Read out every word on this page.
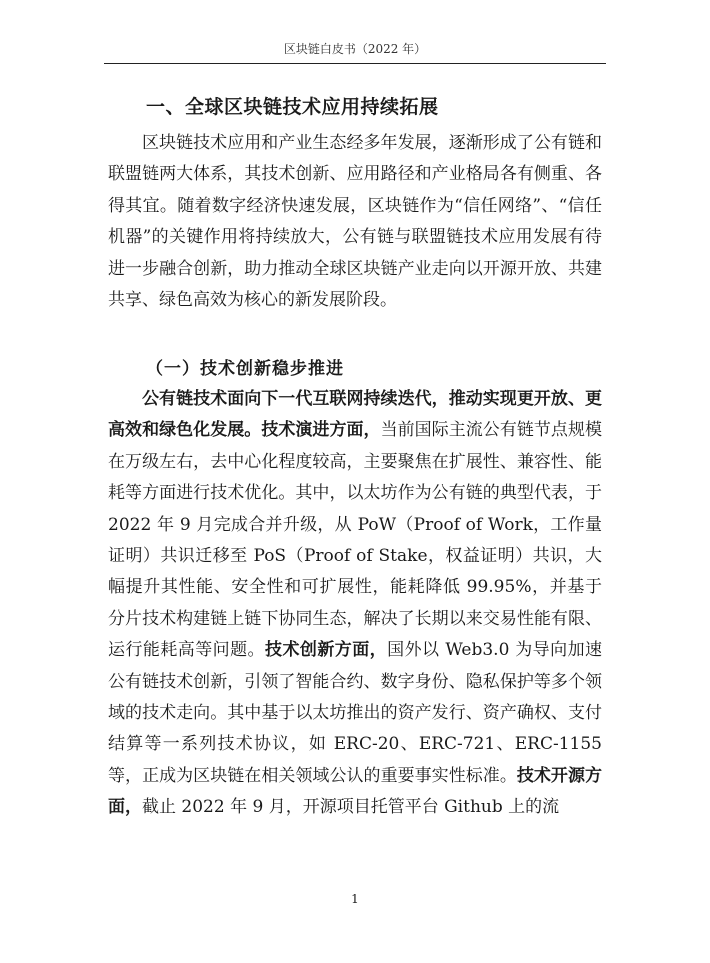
区块链白皮书（2022 年）
一、全球区块链技术应用持续拓展

区块链技术应用和产业生态经多年发展，逐渐形成了公有链和联盟链两大体系，其技术创新、应用路径和产业格局各有侧重、各得其宜。随着数字经济快速发展，区块链作为“信任网络”、“信任机器”的关键作用将持续放大，公有链与联盟链技术应用发展有待进一步融合创新，助力推动全球区块链产业走向以开源开放、共建共享、绿色高效为核心的新发展阶段。

（一）技术创新稳步推进

公有链技术面向下一代互联网持续迭代，推动实现更开放、更高效和绿色化发展。技术演进方面，当前国际主流公有链节点规模在万级左右，去中心化程度较高，主要聚焦在扩展性、兼容性、能耗等方面进行技术优化。其中，以太坊作为公有链的典型代表，于 2022 年 9 月完成合并升级，从 PoW（Proof of Work，工作量证明）共识迁移至 PoS（Proof of Stake，权益证明）共识，大幅提升其性能、安全性和可扩展性，能耗降低 99.95%，并基于分片技术构建链上链下协同生态，解决了长期以来交易性能有限、运行能耗高等问题。技术创新方面，国外以 Web3.0 为导向加速公有链技术创新，引领了智能合约、数字身份、隐私保护等多个领域的技术走向。其中基于以太坊推出的资产发行、资产确权、支付结算等一系列技术协议，如 ERC-20、ERC-721、ERC-1155 等，正成为区块链在相关领域公认的重要事实性标准。技术开源方面，截止 2022 年 9 月，开源项目托管平台 Github 上的流

1
